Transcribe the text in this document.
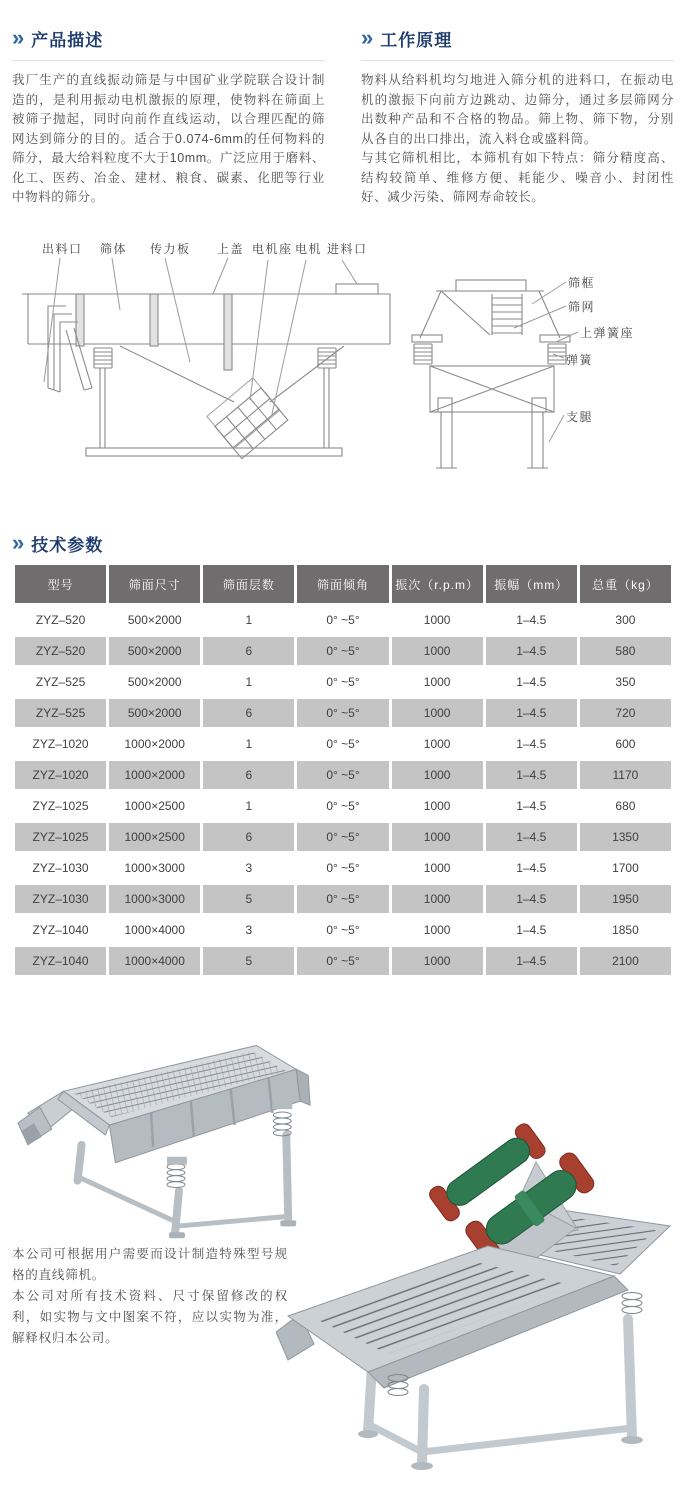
» 产品描述

我厂生产的直线振动筛是与中国矿业学院联合设计制造的，是利用振动电机激振的原理，使物料在筛面上被筛子抛起，同时向前作直线运动，以合理匹配的筛网达到筛分的目的。适合于0.074-6mm的任何物料的筛分，最大给料粒度不大于10mm。广泛应用于磨料、化工、医药、冶金、建材、粮食、碳素、化肥等行业中物料的筛分。

» 工作原理

物料从给料机均匀地进入筛分机的进料口，在振动电机的激振下向前方边跳动、边筛分，通过多层筛网分出数种产品和不合格的物品。筛上物、筛下物，分别从各自的出口排出，流入料仓或盛料筒。

与其它筛机相比，本筛机有如下特点：筛分精度高、结构较简单、维修方便、耗能少、噪音小、封闭性好、减少污染、筛网寿命较长。

出料口 筛体 传力板 上盖 电机座 电机 进料口
筛框
筛网
上弹簧座
弹簧
支腿
» 技术参数
型号	筛面尺寸	筛面层数	筛面倾角	振次（r.p.m）	振幅（mm）	总重（kg）
ZYZ–520	500×2000	1	0° ~5°	1000	1–4.5	300
ZYZ–520	500×2000	6	0° ~5°	1000	1–4.5	580
ZYZ–525	500×2000	1	0° ~5°	1000	1–4.5	350
ZYZ–525	500×2000	6	0° ~5°	1000	1–4.5	720
ZYZ–1020	1000×2000	1	0° ~5°	1000	1–4.5	600
ZYZ–1020	1000×2000	6	0° ~5°	1000	1–4.5	1170
ZYZ–1025	1000×2500	1	0° ~5°	1000	1–4.5	680
ZYZ–1025	1000×2500	6	0° ~5°	1000	1–4.5	1350
ZYZ–1030	1000×3000	3	0° ~5°	1000	1–4.5	1700
ZYZ–1030	1000×3000	5	0° ~5°	1000	1–4.5	1950
ZYZ–1040	1000×4000	3	0° ~5°	1000	1–4.5	1850
ZYZ–1040	1000×4000	5	0° ~5°	1000	1–4.5	2100

本公司可根据用户需要而设计制造特殊型号规格的直线筛机。

本公司对所有技术资料、尺寸保留修改的权利，如实物与文中图案不符，应以实物为准，解释权归本公司。
